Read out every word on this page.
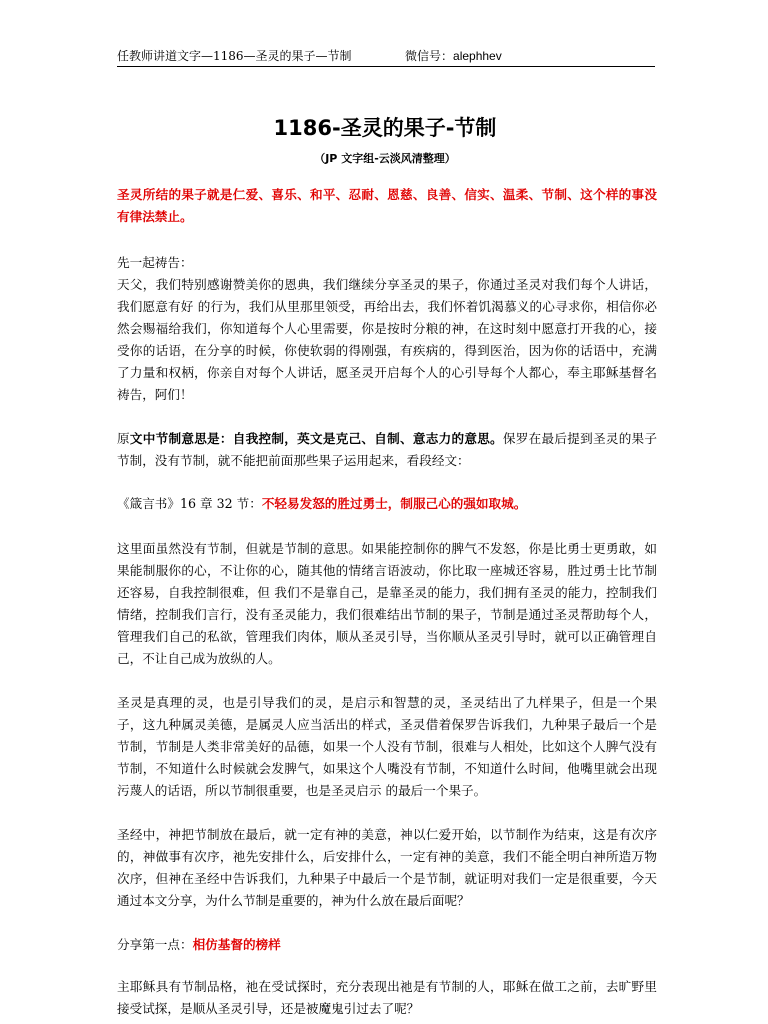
任教师讲道文字—1186—圣灵的果子—节制	微信号：alephhev
1186-圣灵的果子-节制
（JP 文字组-云淡风清整理）

圣灵所结的果子就是仁爱、喜乐、和平、忍耐、恩慈、良善、信实、温柔、节制、这个样的事没有律法禁止。

先一起祷告：

天父，我们特别感谢赞美你的恩典，我们继续分享圣灵的果子，你通过圣灵对我们每个人讲话，我们愿意有好 的行为，我们从里那里领受，再给出去，我们怀着饥渴慕义的心寻求你，相信你必然会赐福给我们，你知道每个人心里需要，你是按时分粮的神，在这时刻中愿意打开我的心，接受你的话语，在分享的时候，你使软弱的得刚强，有疾病的，得到医治，因为你的话语中，充满了力量和权柄，你亲自对每个人讲话，愿圣灵开启每个人的心引导每个人都心，奉主耶稣基督名祷告，阿们！

原文中节制意思是：自我控制，英文是克己、自制、意志力的意思。保罗在最后提到圣灵的果子节制，没有节制，就不能把前面那些果子运用起来，看段经文：

《箴言书》16 章 32 节：不轻易发怒的胜过勇士，制服己心的强如取城。

这里面虽然没有节制，但就是节制的意思。如果能控制你的脾气不发怒，你是比勇士更勇敢，如果能制服你的心，不让你的心，随其他的情绪言语波动，你比取一座城还容易，胜过勇士比节制还容易，自我控制很难，但 我们不是靠自己，是靠圣灵的能力，我们拥有圣灵的能力，控制我们情绪，控制我们言行，没有圣灵能力，我们很难结出节制的果子，节制是通过圣灵帮助每个人，管理我们自己的私欲，管理我们肉体，顺从圣灵引导，当你顺从圣灵引导时，就可以正确管理自己，不让自己成为放纵的人。

圣灵是真理的灵，也是引导我们的灵，是启示和智慧的灵，圣灵结出了九样果子，但是一个果子，这九种属灵美德，是属灵人应当活出的样式，圣灵借着保罗告诉我们，九种果子最后一个是节制，节制是人类非常美好的品德，如果一个人没有节制，很难与人相处，比如这个人脾气没有节制，不知道什么时候就会发脾气，如果这个人嘴没有节制，不知道什么时间，他嘴里就会出现污蔑人的话语，所以节制很重要，也是圣灵启示 的最后一个果子。

圣经中，神把节制放在最后，就一定有神的美意，神以仁爱开始，以节制作为结束，这是有次序的，神做事有次序，祂先安排什么，后安排什么，一定有神的美意，我们不能全明白神所造万物次序，但神在圣经中告诉我们，九种果子中最后一个是节制，就证明对我们一定是很重要，今天通过本文分享，为什么节制是重要的，神为什么放在最后面呢？

分享第一点：相仿基督的榜样

主耶稣具有节制品格，祂在受试探时，充分表现出祂是有节制的人，耶稣在做工之前，去旷野里接受试探，是顺从圣灵引导，还是被魔鬼引过去了呢？
